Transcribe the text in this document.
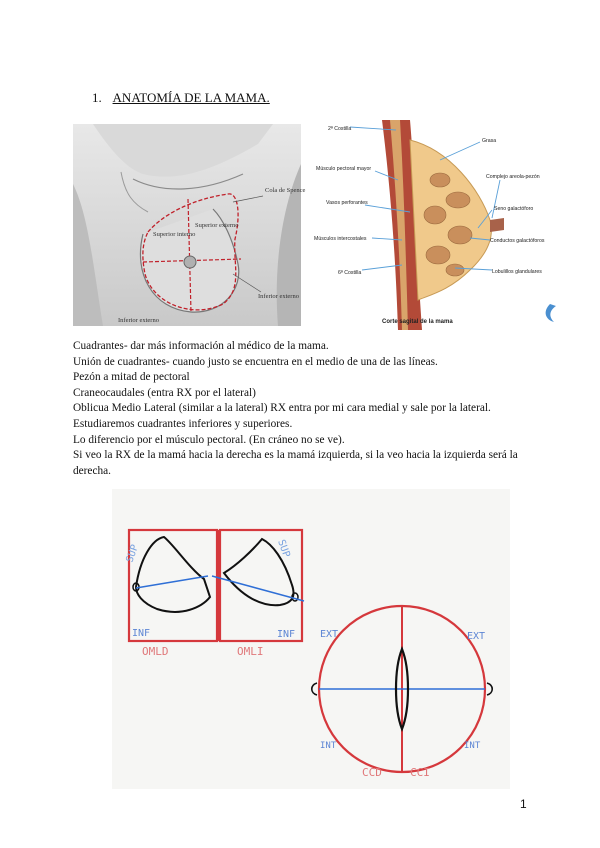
1. ANATOMÍA DE LA MAMA.
Cola de Spence
Superior interno
Superior externo
Inferior externo
Inferior externo
2ª Costilla
Grasa
Músculo pectoral mayor
Complejo areola-pezón
Vasos perforantes
Seno galactóforo
Músculos intercostales	Conductos galactóforos
6ª Costilla	Lobulillos glandulares
Corte sagital de la mama

Cuadrantes- dar más información al médico de la mama.

Unión de cuadrantes- cuando justo se encuentra en el medio de una de las líneas.

Pezón a mitad de pectoral

Craneocaudales (entra RX por el lateral)

Oblicua Medio Lateral (similar a la lateral) RX entra por mi cara medial y sale por la lateral.

Estudiaremos cuadrantes inferiores y superiores.

Lo diferencio por el músculo pectoral. (En cráneo no se ve).

Si veo la RX de la mamá hacia la derecha es la mamá izquierda, si la veo hacia la izquierda será la derecha.

SUP	SUP
INF	INF
OMLD	OMLI
EXT	EXT
INT	INT
CCD	CCI
1
